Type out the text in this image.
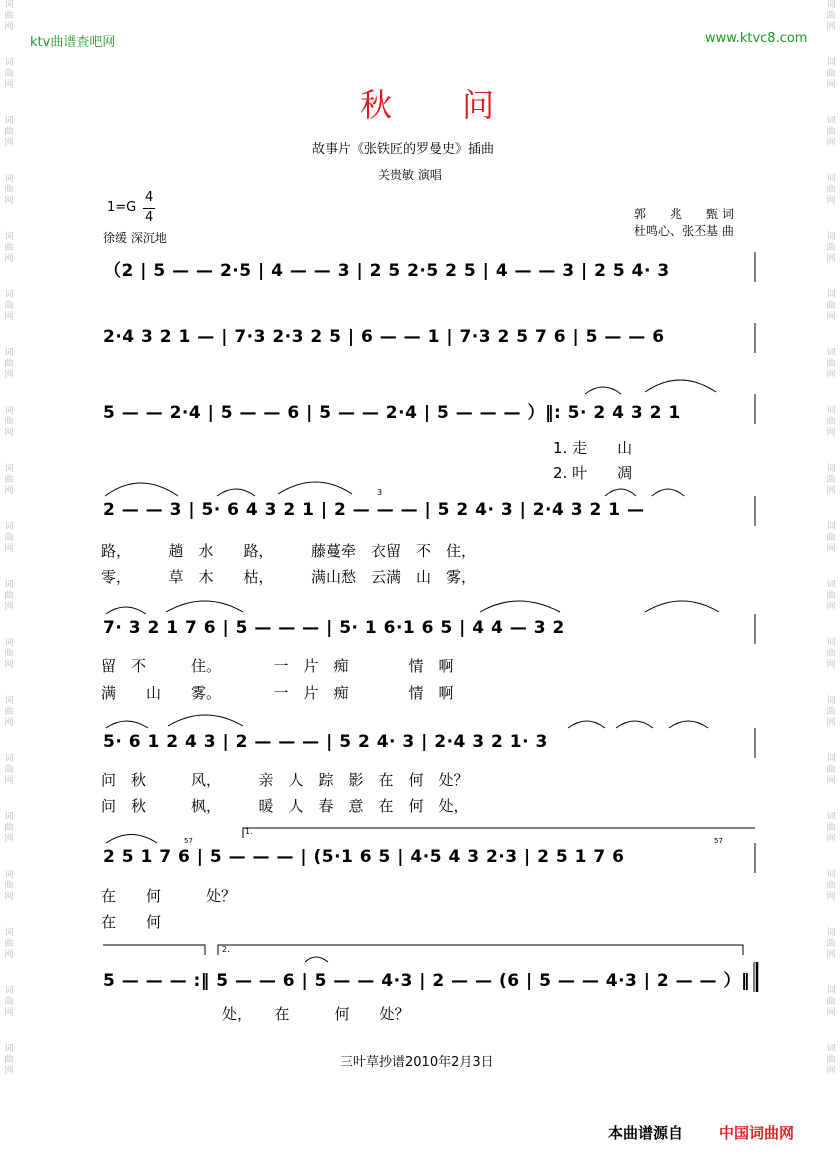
词
曲
网
词
曲
网
词
曲
网
词
曲
网
词
曲
网
词
曲
网
词
曲
网
词
曲
网
词
曲
网
词
曲
网
词
曲
网
词
曲
网
词
曲
网
词
曲
网
词
曲
网
词
曲
网
词
曲
网
词
曲
网
词
曲
网
词
曲
网
词
曲
网
词
曲
网
词
曲
网
词
曲
网
词
曲
网
词
曲
网
词
曲
网
词
曲
网
词
曲
网
词
曲
网
词
曲
网
词
曲
网
词
曲
网
词
曲
网
词
曲
网
词
曲
网
词
曲
网
词
曲
网
ktv曲谱查吧网	www.ktvc8.com
秋 问
故事片《张铁匠的罗曼史》插曲
关贵敏 演唱
1=G
4
4
徐缓 深沉地
郭　　兆　　甄 词
杜鸣心、张丕基 曲
（2 | 5 — — 2·5 | 4 — — 3 | 2 5 2·5 2 5 | 4 — — 3 | 2 5 4· 3
2·4 3 2 1 — | 7·3 2·3 2 5 | 6 — — 1 | 7·3 2 5 7 6 | 5 — — 6
5 — — 2·4 | 5 — — 6 | 5 — — 2·4 | 5 — — — ）‖: 5· 2 4 3 2 1
1. 走　　山
2. 叶　　凋
2 — — 3 | 5· 6 4 3 2 1 | 2 — — — | 5 2 4· 3 | 2·4 3 2 1 —
3
路，　　　趟　水　　路，　　　藤蔓牵　衣留　不　住，
零，　　　草　木　　枯，　　　满山愁　云满　山　雾，
7· 3 2 1 7 6 | 5 — — — | 5· 1 6·1 6 5 | 4 4 — 3 2
留　不　　　住。　　　　一　片　痴　　　　情　啊
满　　山　　雾。　　　　一　片　痴　　　　情　啊
5· 6 1 2 4 3 | 2 — — — | 5 2 4· 3 | 2·4 3 2 1· 3
问　秋　　　风，　　　亲　人　踪　影　在　何　处？
问　秋　　　枫，　　　暖　人　春　意　在　何　处，
1.
2 5 1 7 6 | 5 — — — | (5·1 6 5 | 4·5 4 3 2·3 | 2 5 1 7 6
57	57
在　　何　　　处？
在　　何
2.
5 — — — :‖ 5 — — 6 | 5 — — 4·3 | 2 — — (6 | 5 — — 4·3 | 2 — — ）‖
处，　　在　　　何　　处？
三叶草抄谱2010年2月3日
本曲谱源自 中国词曲网
